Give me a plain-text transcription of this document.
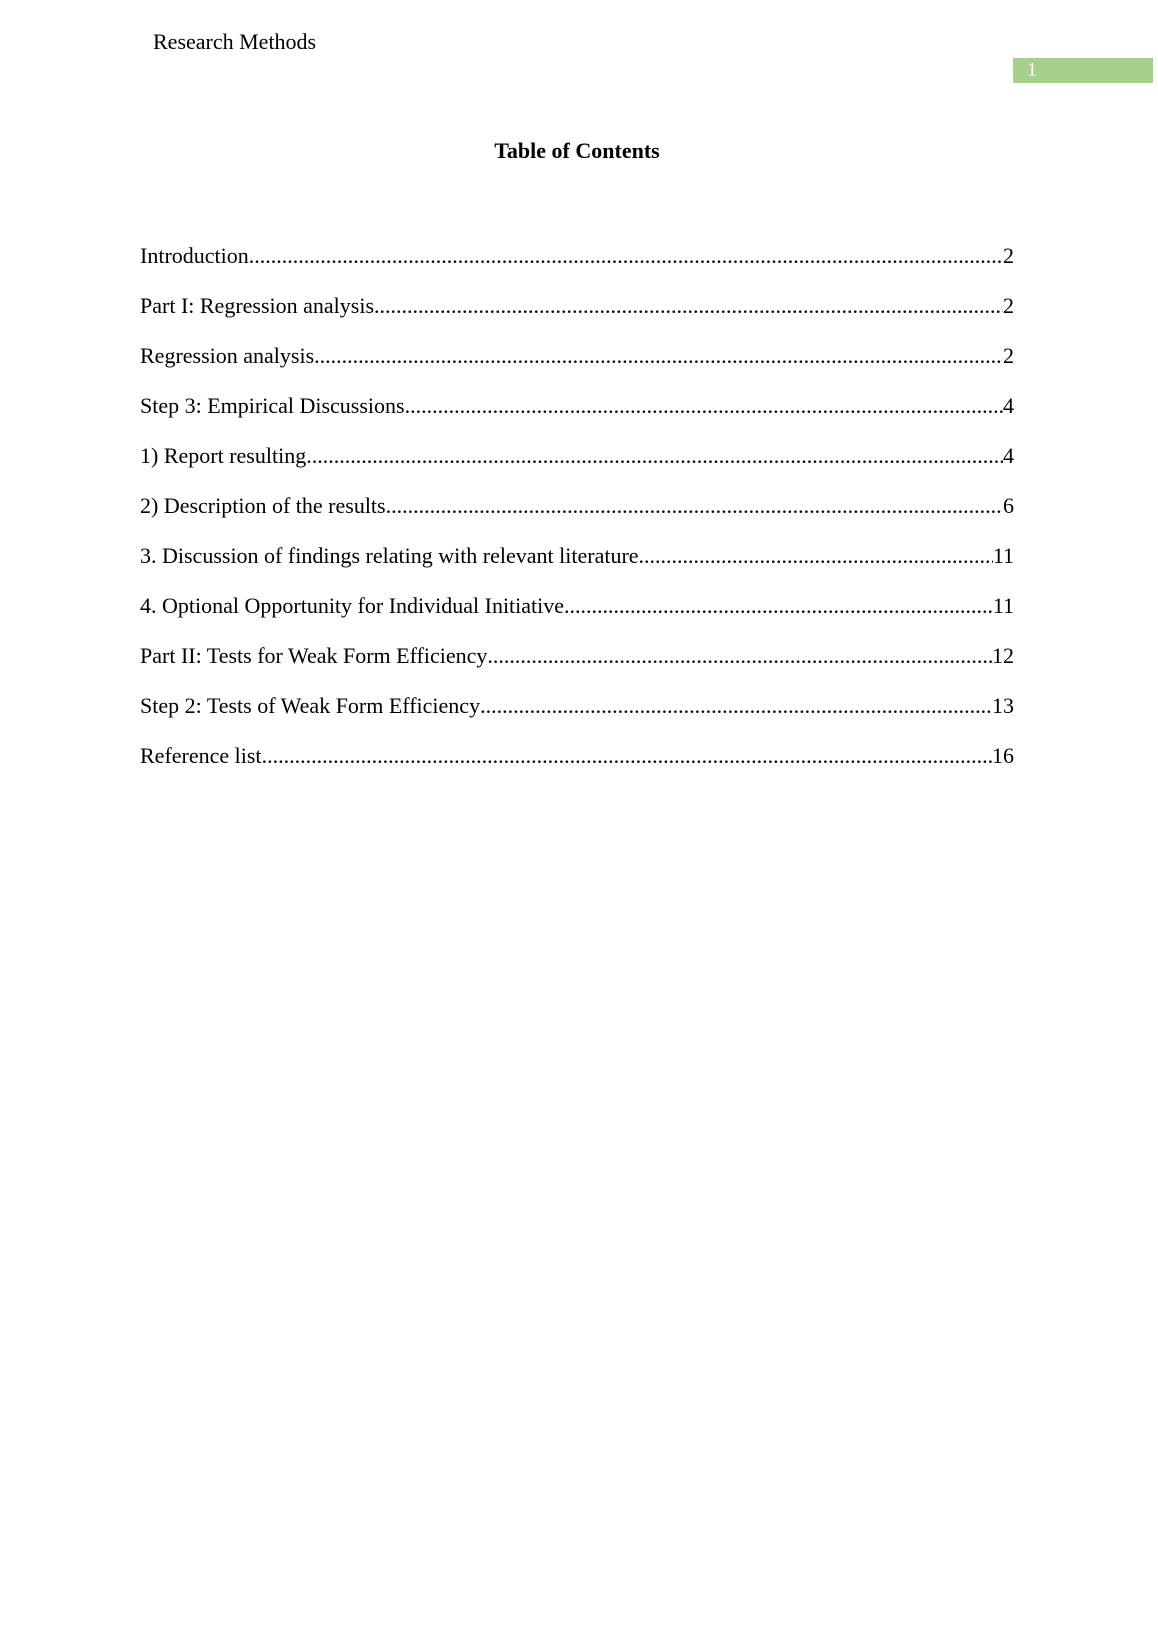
Research Methods
1
Table of Contents
Introduction .....	2
Part I: Regression analysis .....	2
Regression analysis .....	2
Step 3: Empirical Discussions .....	4
1) Report resulting .....	4
2) Description of the results .....	6
3. Discussion of findings relating with relevant literature .....	11
4. Optional Opportunity for Individual Initiative .....	11
Part II: Tests for Weak Form Efficiency .....	12
Step 2: Tests of Weak Form Efficiency .....	13
Reference list .....	16
